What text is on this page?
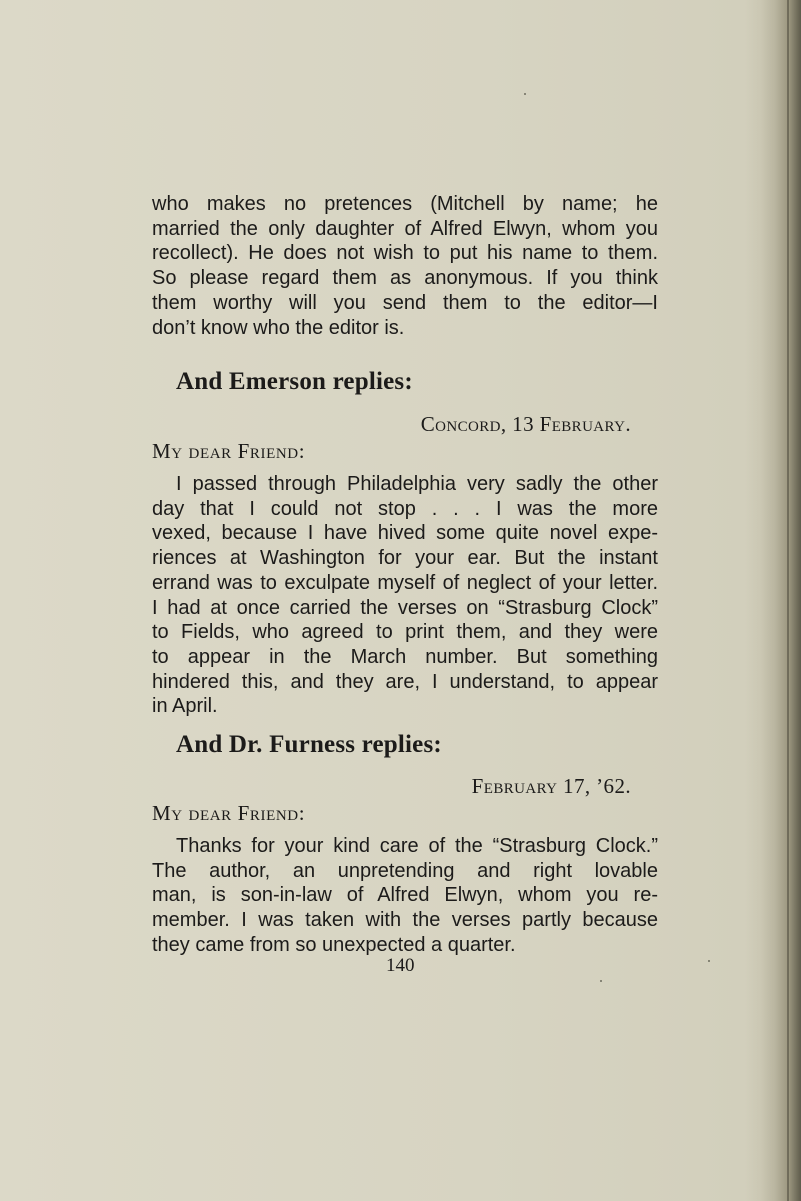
who makes no pretences (Mitchell by name; he

married the only daughter of Alfred Elwyn, whom you

recollect). He does not wish to put his name to them.

So please regard them as anonymous. If you think

them worthy will you send them to the editor—I

don’t know who the editor is.

And Emerson replies:

Concord, 13 February.

My dear Friend:

I passed through Philadelphia very sadly the other

day that I could not stop . . . I was the more

vexed, because I have hived some quite novel expe-

riences at Washington for your ear. But the instant

errand was to exculpate myself of neglect of your letter.

I had at once carried the verses on “Strasburg Clock”

to Fields, who agreed to print them, and they were

to appear in the March number. But something

hindered this, and they are, I understand, to appear

in April.

And Dr. Furness replies:

February 17, ’62.

My dear Friend:

Thanks for your kind care of the “Strasburg Clock.”

The author, an unpretending and right lovable

man, is son-in-law of Alfred Elwyn, whom you re-

member. I was taken with the verses partly because

they came from so unexpected a quarter.

140
